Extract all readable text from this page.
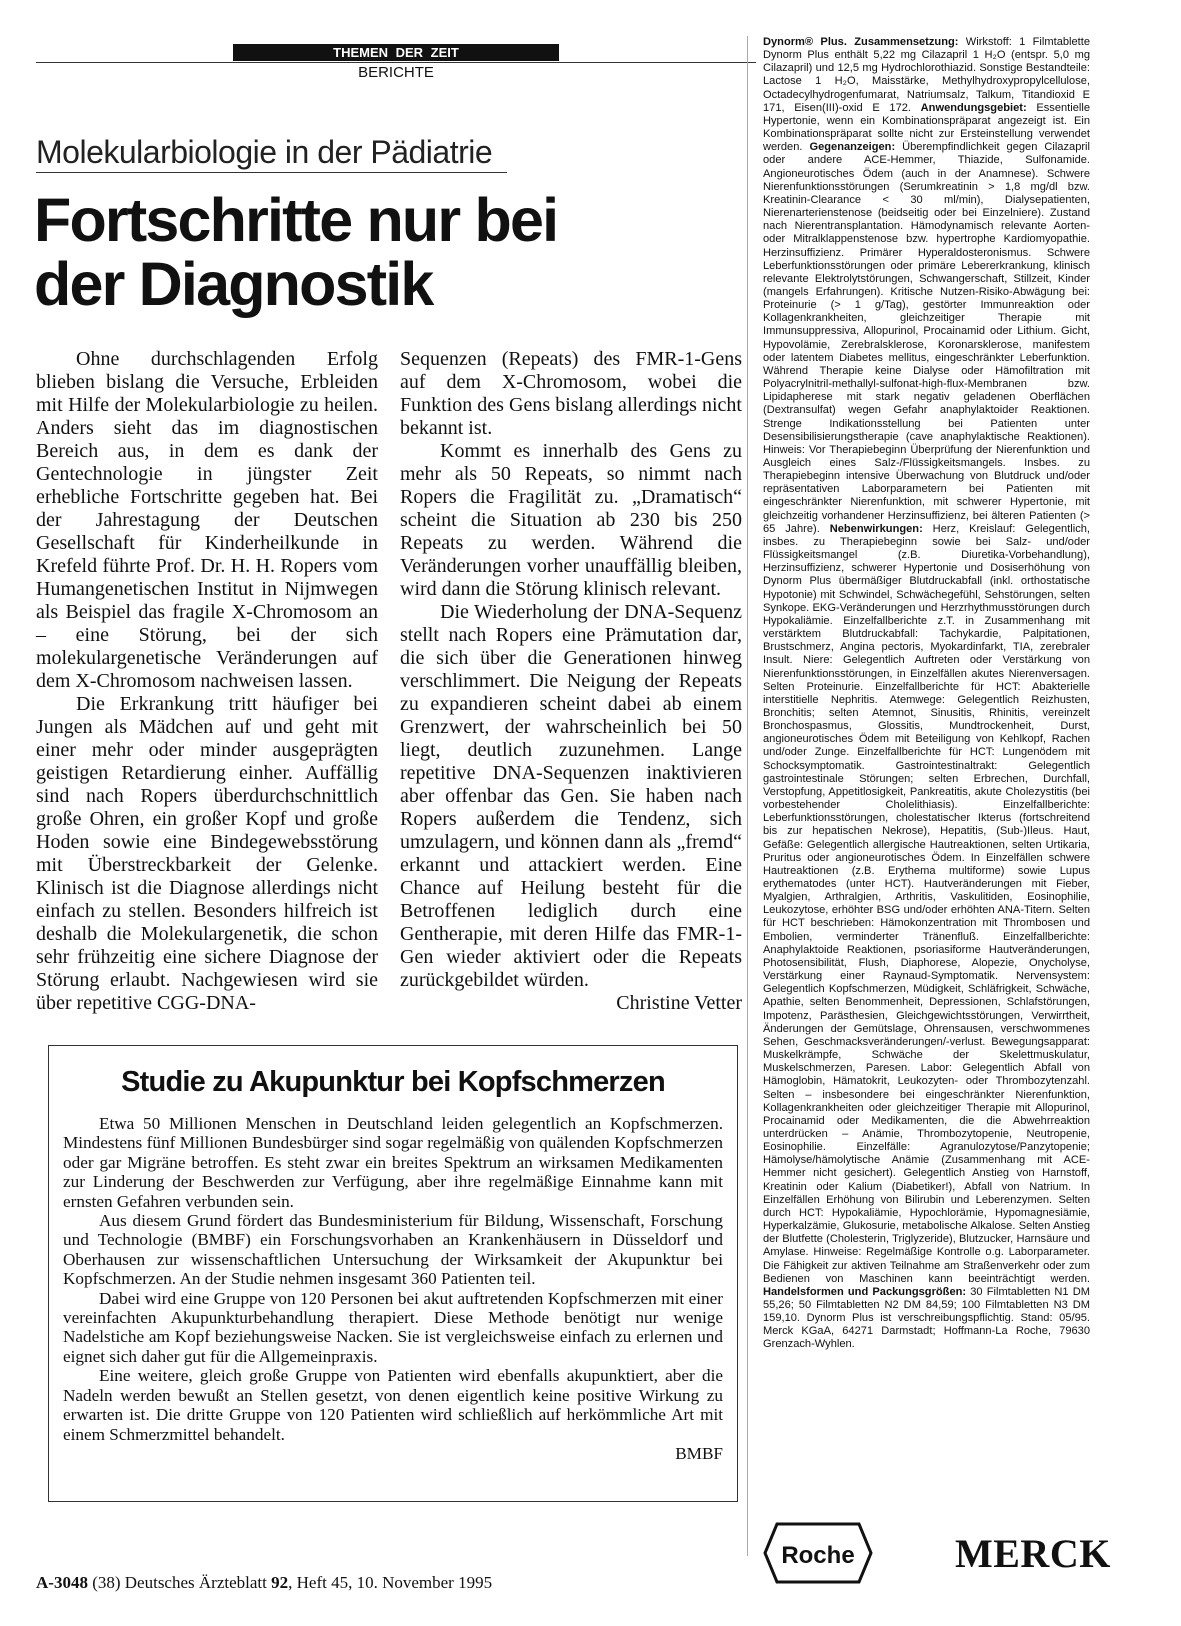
THEMEN DER ZEIT
BERICHTE
Molekularbiologie in der Pädiatrie
Fortschritte nur bei der Diagnostik

Ohne durchschlagenden Erfolg blieben bislang die Versuche, Erbleiden mit Hilfe der Molekularbiologie zu heilen. Anders sieht das im diagnostischen Bereich aus, in dem es dank der Gentechnologie in jüngster Zeit erhebliche Fortschritte gegeben hat. Bei der Jahrestagung der Deutschen Gesellschaft für Kinderheilkunde in Krefeld führte Prof. Dr. H. H. Ropers vom Humangenetischen Institut in Nijmwegen als Beispiel das fragile X-Chromosom an – eine Störung, bei der sich molekulargenetische Veränderungen auf dem X-Chromosom nachweisen lassen.

Die Erkrankung tritt häufiger bei Jungen als Mädchen auf und geht mit einer mehr oder minder ausgeprägten geistigen Retardierung einher. Auffällig sind nach Ropers überdurchschnittlich große Ohren, ein großer Kopf und große Hoden sowie eine Bindegewebsstörung mit Überstreckbarkeit der Gelenke. Klinisch ist die Diagnose allerdings nicht einfach zu stellen. Besonders hilfreich ist deshalb die Molekulargenetik, die schon sehr frühzeitig eine sichere Diagnose der Störung erlaubt. Nachgewiesen wird sie über repetitive CGG-DNA-

Sequenzen (Repeats) des FMR-1-Gens auf dem X-Chromosom, wobei die Funktion des Gens bislang allerdings nicht bekannt ist.

Kommt es innerhalb des Gens zu mehr als 50 Repeats, so nimmt nach Ropers die Fragilität zu. „Dramatisch“ scheint die Situation ab 230 bis 250 Repeats zu werden. Während die Veränderungen vorher unauffällig bleiben, wird dann die Störung klinisch relevant.

Die Wiederholung der DNA-Sequenz stellt nach Ropers eine Prämutation dar, die sich über die Generationen hinweg verschlimmert. Die Neigung der Repeats zu expandieren scheint dabei ab einem Grenzwert, der wahrscheinlich bei 50 liegt, deutlich zuzunehmen. Lange repetitive DNA-Sequenzen inaktivieren aber offenbar das Gen. Sie haben nach Ropers außerdem die Tendenz, sich umzulagern, und können dann als „fremd“ erkannt und attackiert werden. Eine Chance auf Heilung besteht für die Betroffenen lediglich durch eine Gentherapie, mit deren Hilfe das FMR-1-Gen wieder aktiviert oder die Repeats zurückgebildet würden.

Christine Vetter
Studie zu Akupunktur bei Kopfschmerzen

Etwa 50 Millionen Menschen in Deutschland leiden gelegentlich an Kopfschmerzen. Mindestens fünf Millionen Bundesbürger sind sogar regelmäßig von quälenden Kopfschmerzen oder gar Migräne betroffen. Es steht zwar ein breites Spektrum an wirksamen Medikamenten zur Linderung der Beschwerden zur Verfügung, aber ihre regelmäßige Einnahme kann mit ernsten Gefahren verbunden sein.

Aus diesem Grund fördert das Bundesministerium für Bildung, Wissenschaft, Forschung und Technologie (BMBF) ein Forschungsvorhaben an Krankenhäusern in Düsseldorf und Oberhausen zur wissenschaftlichen Untersuchung der Wirksamkeit der Akupunktur bei Kopfschmerzen. An der Studie nehmen insgesamt 360 Patienten teil.

Dabei wird eine Gruppe von 120 Personen bei akut auftretenden Kopfschmerzen mit einer vereinfachten Akupunkturbehandlung therapiert. Diese Methode benötigt nur wenige Nadelstiche am Kopf beziehungsweise Nacken. Sie ist vergleichsweise einfach zu erlernen und eignet sich daher gut für die Allgemeinpraxis.

Eine weitere, gleich große Gruppe von Patienten wird ebenfalls akupunktiert, aber die Nadeln werden bewußt an Stellen gesetzt, von denen eigentlich keine positive Wirkung zu erwarten ist. Die dritte Gruppe von 120 Patienten wird schließlich auf herkömmliche Art mit einem Schmerzmittel behandelt.

BMBF
A-3048 (38) Deutsches Ärzteblatt 92, Heft 45, 10. November 1995
Dynorm® Plus. Zusammensetzung: Wirkstoff: 1 Filmtablette Dynorm Plus enthält 5,22 mg Cilazapril 1 H₂O (entspr. 5,0 mg Cilazapril) und 12,5 mg Hydrochlorothiazid. Sonstige Bestandteile: Lactose 1 H₂O, Maisstärke, Methylhydroxypropylcellulose, Octadecylhydrogenfumarat, Natriumsalz, Talkum, Titandioxid E 171, Eisen(III)-oxid E 172. Anwendungsgebiet: Essentielle Hypertonie, wenn ein Kombinationspräparat angezeigt ist. Ein Kombinationspräparat sollte nicht zur Ersteinstellung verwendet werden. Gegenanzeigen: Überempfindlichkeit gegen Cilazapril oder andere ACE-Hemmer, Thiazide, Sulfonamide. Angioneurotisches Ödem (auch in der Anamnese). Schwere Nierenfunktionsstörungen (Serumkreatinin > 1,8 mg/dl bzw. Kreatinin-Clearance < 30 ml/min), Dialysepatienten, Nierenarterienstenose (beidseitig oder bei Einzelniere). Zustand nach Nierentransplantation. Hämodynamisch relevante Aorten- oder Mitralklappenstenose bzw. hypertrophe Kardiomyopathie. Herzinsuffizienz. Primärer Hyperaldosteronismus. Schwere Leberfunktionsstörungen oder primäre Lebererkrankung, klinisch relevante Elektrolytstörungen, Schwangerschaft, Stillzeit, Kinder (mangels Erfahrungen). Kritische Nutzen-Risiko-Abwägung bei: Proteinurie (> 1 g/Tag), gestörter Immunreaktion oder Kollagenkrankheiten, gleichzeitiger Therapie mit Immunsuppressiva, Allopurinol, Procainamid oder Lithium. Gicht, Hypovolämie, Zerebralsklerose, Koronarsklerose, manifestem oder latentem Diabetes mellitus, eingeschränkter Leberfunktion. Während Therapie keine Dialyse oder Hämofiltration mit Polyacrylnitril-methallyl-sulfonat-high-flux-Membranen bzw. Lipidapherese mit stark negativ geladenen Oberflächen (Dextransulfat) wegen Gefahr anaphylaktoider Reaktionen. Strenge Indikationsstellung bei Patienten unter Desensibilisierungstherapie (cave anaphylaktische Reaktionen). Hinweis: Vor Therapiebeginn Überprüfung der Nierenfunktion und Ausgleich eines Salz-/Flüssigkeitsmangels. Insbes. zu Therapiebeginn intensive Überwachung von Blutdruck und/oder repräsentativen Laborparametern bei Patienten mit eingeschränkter Nierenfunktion, mit schwerer Hypertonie, mit gleichzeitig vorhandener Herzinsuffizienz, bei älteren Patienten (> 65 Jahre). Nebenwirkungen: Herz, Kreislauf: Gelegentlich, insbes. zu Therapiebeginn sowie bei Salz- und/oder Flüssigkeitsmangel (z.B. Diuretika-Vorbehandlung), Herzinsuffizienz, schwerer Hypertonie und Dosiserhöhung von Dynorm Plus übermäßiger Blutdruckabfall (inkl. orthostatische Hypotonie) mit Schwindel, Schwächegefühl, Sehstörungen, selten Synkope. EKG-Veränderungen und Herzrhythmusstörungen durch Hypokaliämie. Einzelfallberichte z.T. in Zusammenhang mit verstärktem Blutdruckabfall: Tachykardie, Palpitationen, Brustschmerz, Angina pectoris, Myokardinfarkt, TIA, zerebraler Insult. Niere: Gelegentlich Auftreten oder Verstärkung von Nierenfunktionsstörungen, in Einzelfällen akutes Nierenversagen. Selten Proteinurie. Einzelfallberichte für HCT: Abakterielle interstitielle Nephritis. Atemwege: Gelegentlich Reizhusten, Bronchitis; selten Atemnot, Sinusitis, Rhinitis, vereinzelt Bronchospasmus, Glossitis, Mundtrockenheit, Durst, angioneurotisches Ödem mit Beteiligung von Kehlkopf, Rachen und/oder Zunge. Einzelfallberichte für HCT: Lungenödem mit Schocksymptomatik. Gastrointestinaltrakt: Gelegentlich gastrointestinale Störungen; selten Erbrechen, Durchfall, Verstopfung, Appetitlosigkeit, Pankreatitis, akute Cholezystitis (bei vorbestehender Cholelithiasis). Einzelfallberichte: Leberfunktionsstörungen, cholestatischer Ikterus (fortschreitend bis zur hepatischen Nekrose), Hepatitis, (Sub-)Ileus. Haut, Gefäße: Gelegentlich allergische Hautreaktionen, selten Urtikaria, Pruritus oder angioneurotisches Ödem. In Einzelfällen schwere Hautreaktionen (z.B. Erythema multiforme) sowie Lupus erythematodes (unter HCT). Hautveränderungen mit Fieber, Myalgien, Arthralgien, Arthritis, Vaskulitiden, Eosinophilie, Leukozytose, erhöhter BSG und/oder erhöhten ANA-Titern. Selten für HCT beschrieben: Hämokonzentration mit Thrombosen und Embolien, verminderter Tränenfluß. Einzelfallberichte: Anaphylaktoide Reaktionen, psoriasiforme Hautveränderungen, Photosensibilität, Flush, Diaphorese, Alopezie, Onycholyse, Verstärkung einer Raynaud-Symptomatik. Nervensystem: Gelegentlich Kopfschmerzen, Müdigkeit, Schläfrigkeit, Schwäche, Apathie, selten Benommenheit, Depressionen, Schlafstörungen, Impotenz, Parästhesien, Gleichgewichtsstörungen, Verwirrtheit, Änderungen der Gemütslage, Ohrensausen, verschwommenes Sehen, Geschmacksveränderungen/-verlust. Bewegungsapparat: Muskelkrämpfe, Schwäche der Skelettmuskulatur, Muskelschmerzen, Paresen. Labor: Gelegentlich Abfall von Hämoglobin, Hämatokrit, Leukozyten- oder Thrombozytenzahl. Selten – insbesondere bei eingeschränkter Nierenfunktion, Kollagenkrankheiten oder gleichzeitiger Therapie mit Allopurinol, Procainamid oder Medikamenten, die die Abwehrreaktion unterdrücken – Anämie, Thrombozytopenie, Neutropenie, Eosinophilie. Einzelfälle: Agranulozytose/Panzytopenie; Hämolyse/hämolytische Anämie (Zusammenhang mit ACE-Hemmer nicht gesichert). Gelegentlich Anstieg von Harnstoff, Kreatinin oder Kalium (Diabetiker!), Abfall von Natrium. In Einzelfällen Erhöhung von Bilirubin und Leberenzymen. Selten durch HCT: Hypokaliämie, Hypochlorämie, Hypomagnesiämie, Hyperkalzämie, Glukosurie, metabolische Alkalose. Selten Anstieg der Blutfette (Cholesterin, Triglyzeride), Blutzucker, Harnsäure und Amylase. Hinweise: Regelmäßige Kontrolle o.g. Laborparameter. Die Fähigkeit zur aktiven Teilnahme am Straßenverkehr oder zum Bedienen von Maschinen kann beeinträchtigt werden. Handelsformen und Packungsgrößen: 30 Filmtabletten N1 DM 55,26; 50 Filmtabletten N2 DM 84,59; 100 Filmtabletten N3 DM 159,10. Dynorm Plus ist verschreibungspflichtig. Stand: 05/95. Merck KGaA, 64271 Darmstadt; Hoffmann-La Roche, 79630 Grenzach-Wyhlen.
Roche	MERCK
